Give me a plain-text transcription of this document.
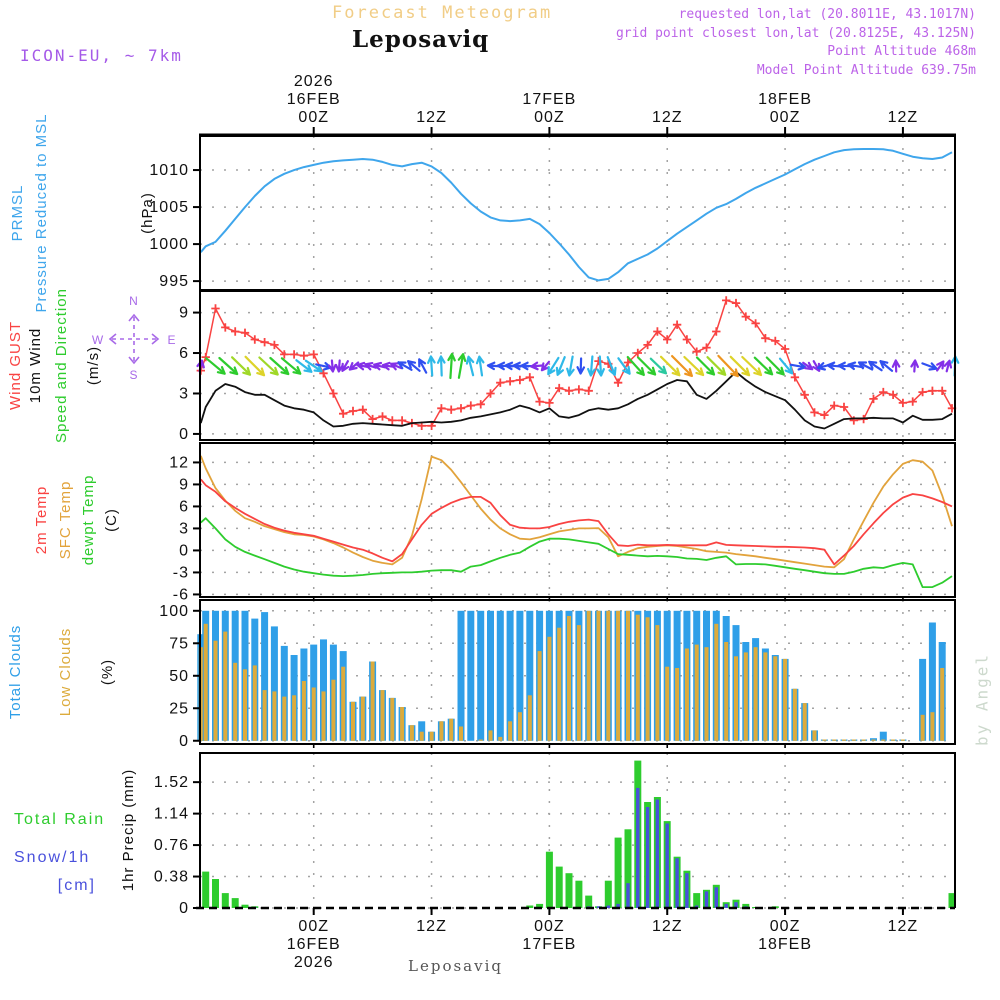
Forecast Meteogram
Leposaviq
ICON-EU, ~ 7km
requested lon,lat (20.8011E, 43.1017N)
grid point closest lon,lat (20.8125E, 43.125N)
Point Altitude 468m
Model Point Altitude 639.75m
995
1000
1005
1010
PRMSL Pressure Reduced to MSL	(hPa)
0
3
6
9
Wind GUST 10m Wind Speed and Direction (m/s)
-6
-3
0
3
6
9
12
2m Temp SFC Temp dewpt Temp (C)
0
25
50
75
100
Total Clouds Low Clouds (%)
0
0.38
0.76
1.14
1.52
Total Rain
Snow/1h
[cm] 1hr Precip (mm)
N
S
W	E
2026
16FEB
00Z	12Z
17FEB
00Z	12Z
18FEB
00Z	12Z
00Z
16FEB
2026
12Z	00Z
17FEB
12Z	00Z
18FEB
12Z
Leposaviq
by Angel
